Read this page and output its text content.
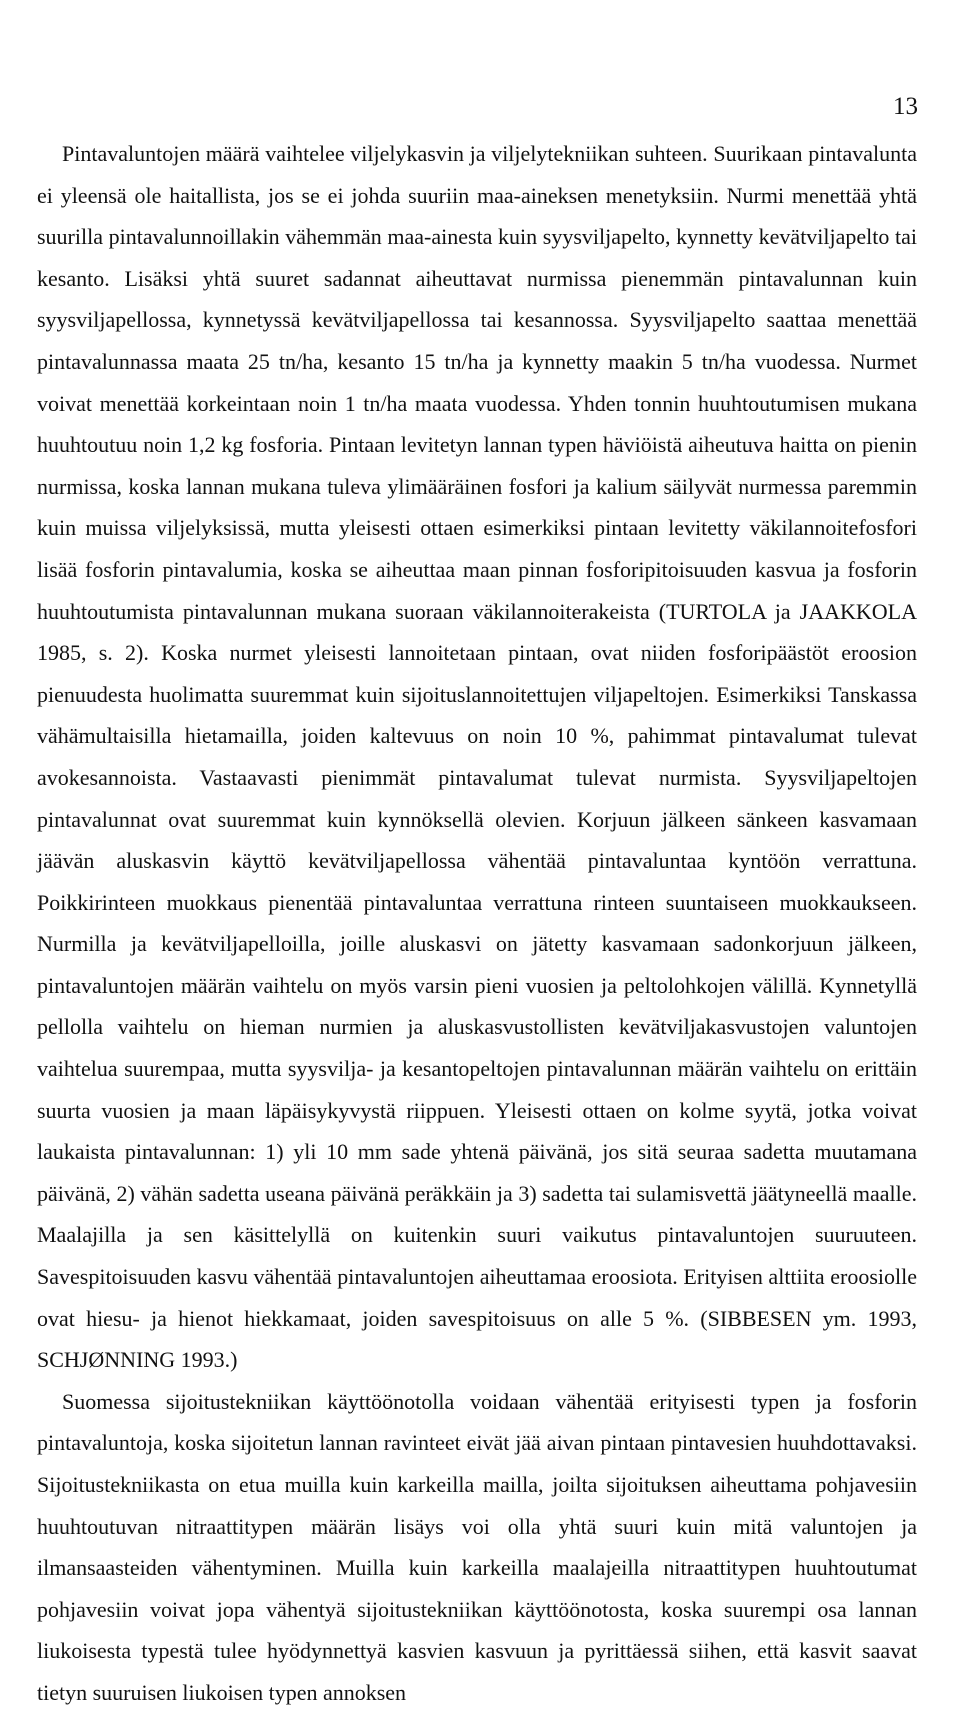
13

Pintavaluntojen määrä vaihtelee viljelykasvin ja viljelytekniikan suhteen. Suurikaan pintavalunta ei yleensä ole haitallista, jos se ei johda suuriin maa-aineksen menetyksiin. Nurmi menettää yhtä suurilla pintavalunnoillakin vähemmän maa-ainesta kuin syysviljapelto, kynnetty kevätviljapelto tai kesanto. Lisäksi yhtä suuret sadannat aiheuttavat nurmissa pienemmän pintavalunnan kuin syysviljapellossa, kynnetyssä kevätviljapellossa tai kesannossa. Syysviljapelto saattaa menettää pintavalunnassa maata 25 tn/ha, kesanto 15 tn/ha ja kynnetty maakin 5 tn/ha vuodessa. Nurmet voivat menettää korkeintaan noin 1 tn/ha maata vuodessa. Yhden tonnin huuhtoutumisen mukana huuhtoutuu noin 1,2 kg fosforia. Pintaan levitetyn lannan typen häviöistä aiheutuva haitta on pienin nurmissa, koska lannan mukana tuleva ylimääräinen fosfori ja kalium säilyvät nurmessa paremmin kuin muissa viljelyksissä, mutta yleisesti ottaen esimerkiksi pintaan levitetty väkilannoitefosfori lisää fosforin pintavalumia, koska se aiheuttaa maan pinnan fosforipitoisuuden kasvua ja fosforin huuhtoutumista pintavalunnan mukana suoraan väkilannoiterakeista (TURTOLA ja JAAKKOLA 1985, s. 2). Koska nurmet yleisesti lannoitetaan pintaan, ovat niiden fosforipäästöt eroosion pienuudesta huolimatta suuremmat kuin sijoituslannoitettujen viljapeltojen. Esimerkiksi Tanskassa vähämultaisilla hietamailla, joiden kaltevuus on noin 10 %, pahimmat pintavalumat tulevat avokesannoista. Vastaavasti pienimmät pintavalumat tulevat nurmista. Syysviljapeltojen pintavalunnat ovat suuremmat kuin kynnöksellä olevien. Korjuun jälkeen sänkeen kasvamaan jäävän aluskasvin käyttö kevätviljapellossa vähentää pintavaluntaa kyntöön verrattuna. Poikkirinteen muokkaus pienentää pintavaluntaa verrattuna rinteen suuntaiseen muokkaukseen. Nurmilla ja kevätviljapelloilla, joille aluskasvi on jätetty kasvamaan sadonkorjuun jälkeen, pintavaluntojen määrän vaihtelu on myös varsin pieni vuosien ja peltolohkojen välillä. Kynnetyllä pellolla vaihtelu on hieman nurmien ja aluskasvustollisten kevätviljakasvustojen valuntojen vaihtelua suurempaa, mutta syysvilja- ja kesantopeltojen pintavalunnan määrän vaihtelu on erittäin suurta vuosien ja maan läpäisykyvystä riippuen. Yleisesti ottaen on kolme syytä, jotka voivat laukaista pintavalunnan: 1) yli 10 mm sade yhtenä päivänä, jos sitä seuraa sadetta muutamana päivänä, 2) vähän sadetta useana päivänä peräkkäin ja 3) sadetta tai sulamisvettä jäätyneellä maalle. Maalajilla ja sen käsittelyllä on kuitenkin suuri vaikutus pintavaluntojen suuruuteen. Savespitoisuuden kasvu vähentää pintavaluntojen aiheuttamaa eroosiota. Erityisen alttiita eroosiolle ovat hiesu- ja hienot hiekkamaat, joiden savespitoisuus on alle 5 %. (SIBBESEN ym. 1993, SCHJØNNING 1993.)

Suomessa sijoitustekniikan käyttöönotolla voidaan vähentää erityisesti typen ja fosforin pintavaluntoja, koska sijoitetun lannan ravinteet eivät jää aivan pintaan pintavesien huuhdottavaksi. Sijoitustekniikasta on etua muilla kuin karkeilla mailla, joilta sijoituksen aiheuttama pohjavesiin huuhtoutuvan nitraattitypen määrän lisäys voi olla yhtä suuri kuin mitä valuntojen ja ilmansaasteiden vähentyminen. Muilla kuin karkeilla maalajeilla nitraattitypen huuhtoutumat pohjavesiin voivat jopa vähentyä sijoitustekniikan käyttöönotosta, koska suurempi osa lannan liukoisesta typestä tulee hyödynnettyä kasvien kasvuun ja pyrittäessä siihen, että kasvit saavat tietyn suuruisen liukoisen typen annoksen
